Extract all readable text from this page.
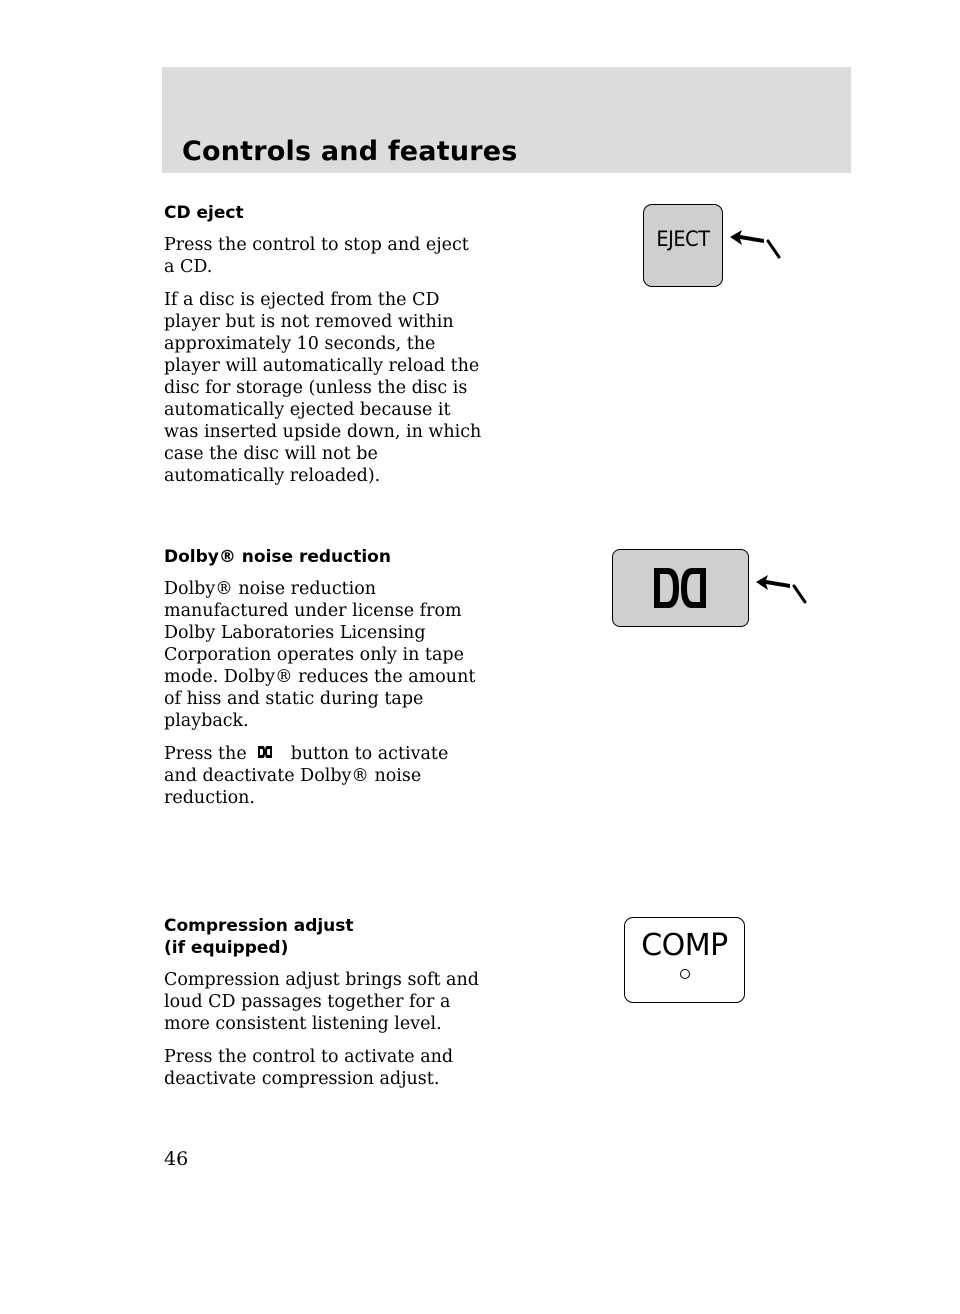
Controls and features

CD eject

Press the control to stop and eject
a CD.

If a disc is ejected from the CD
player but is not removed within
approximately 10 seconds, the
player will automatically reload the
disc for storage (unless the disc is
automatically ejected because it
was inserted upside down, in which
case the disc will not be
automatically reloaded).

EJECT

Dolby® noise reduction

Dolby® noise reduction
manufactured under license from
Dolby Laboratories Licensing
Corporation operates only in tape
mode. Dolby® reduces the amount
of hiss and static during tape
playback.

Press the	button to activate
and deactivate Dolby® noise
reduction.

Compression adjust
(if equipped)

Compression adjust brings soft and
loud CD passages together for a
more consistent listening level.

Press the control to activate and
deactivate compression adjust.

COMP
46
